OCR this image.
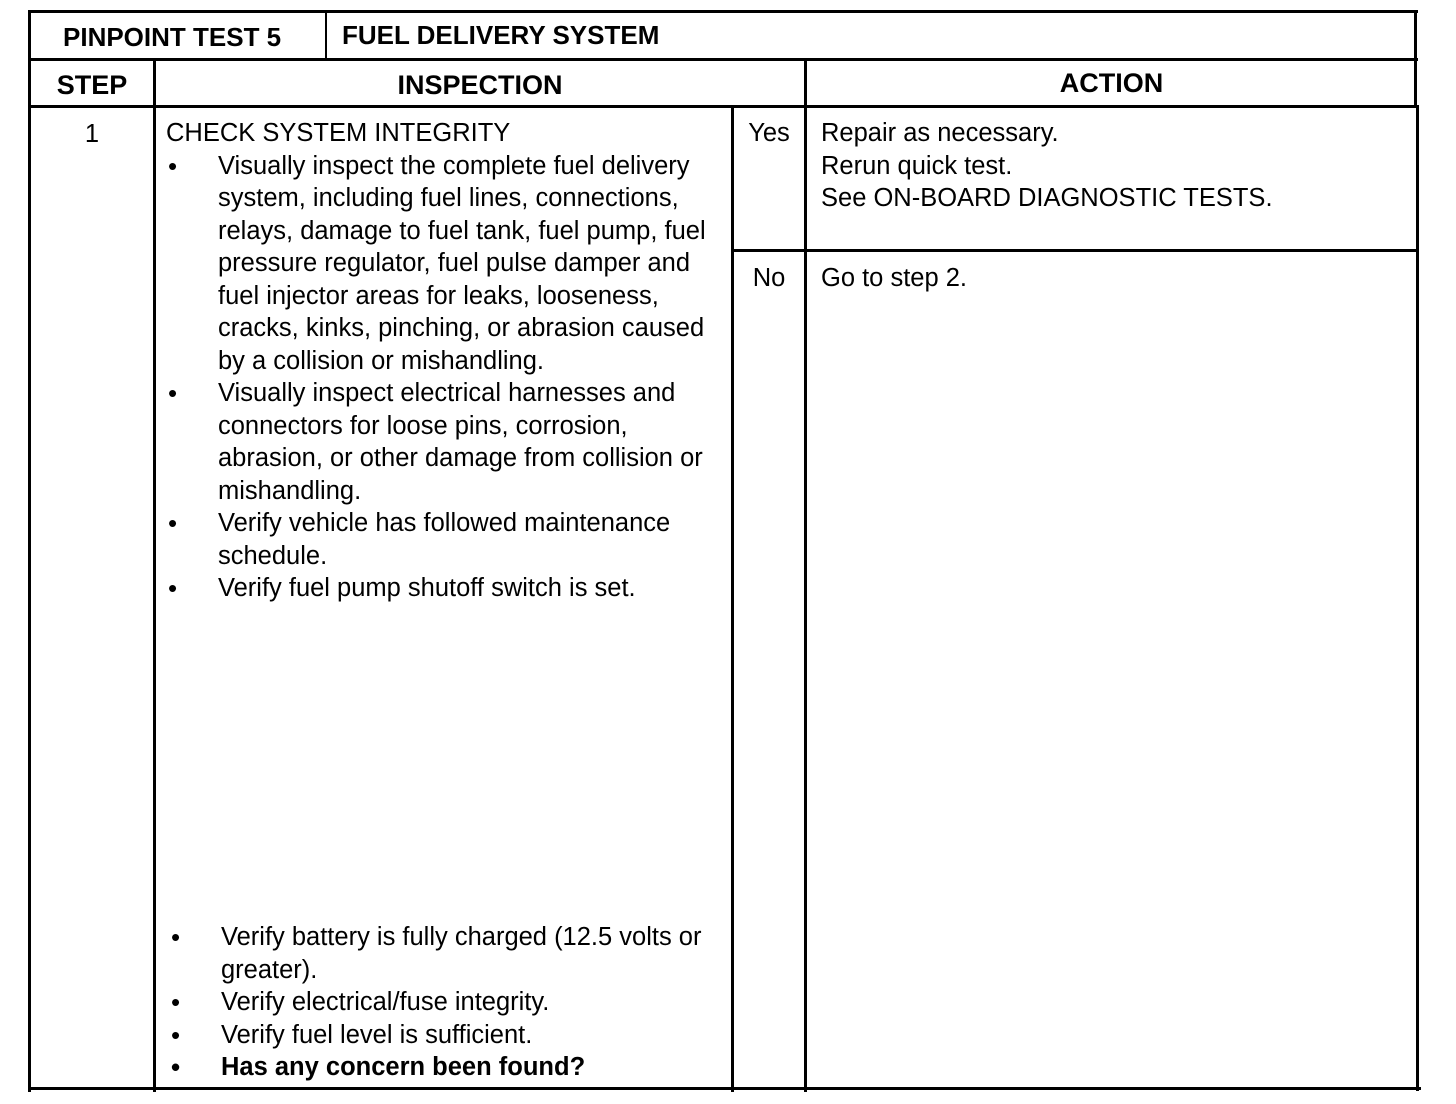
PINPOINT TEST 5 FUEL DELIVERY SYSTEM
STEP	INSPECTION	ACTION
1	CHECK SYSTEM INTEGRITY
• Visually inspect the complete fuel delivery system, including fuel lines, connections, relays, damage to fuel tank, fuel pump, fuel pressure regulator, fuel pulse damper and fuel injector areas for leaks, looseness, cracks, kinks, pinching, or abrasion caused by a collision or mishandling.
• Visually inspect electrical harnesses and connectors for loose pins, corrosion, abrasion, or other damage from collision or mishandling.
• Verify vehicle has followed maintenance schedule.
• Verify fuel pump shutoff switch is set.
• Verify battery is fully charged (12.5 volts or greater).
• Verify electrical/fuse integrity.
• Verify fuel level is sufficient.
• Has any concern been found?
Yes	Repair as necessary.
Rerun quick test.
See ON-BOARD DIAGNOSTIC TESTS.
No	Go to step 2.
